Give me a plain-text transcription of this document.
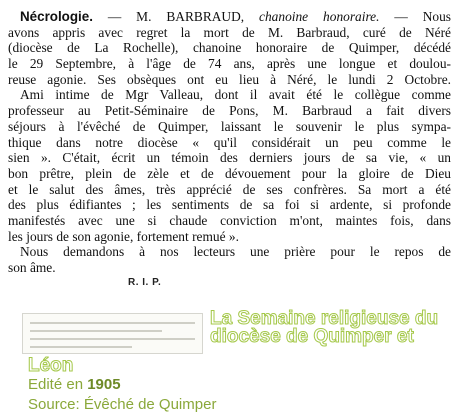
Nécrologie. — M. BARBRAUD, chanoine honoraire. — Nous
avons appris avec regret la mort de M. Barbraud, curé de Néré
(diocèse de La Rochelle), chanoine honoraire de Quimper, décédé
le 29 Septembre, à l'âge de 74 ans, après une longue et doulou-
reuse agonie. Ses obsèques ont eu lieu à Néré, le lundi 2 Octobre.
Ami intime de Mgr Valleau, dont il avait été le collègue comme
professeur au Petit-Séminaire de Pons, M. Barbraud a fait divers
séjours à l'évêché de Quimper, laissant le souvenir le plus sympa-
thique dans notre diocèse « qu'il considérait un peu comme le
sien ». C'était, écrit un témoin des derniers jours de sa vie, « un
bon prêtre, plein de zèle et de dévouement pour la gloire de Dieu
et le salut des âmes, très apprécié de ses confrères. Sa mort a été
des plus édifiantes ; les sentiments de sa foi si ardente, si profonde
manifestés avec une si chaude conviction m'ont, maintes fois, dans
les jours de son agonie, fortement remué ».
Nous demandons à nos lecteurs une prière pour le repos de
son âme.
R. I. P.
La Semaine religieuse du diocèse de Quimper et
Léon
Edité en 1905
Source: Évêché de Quimper
